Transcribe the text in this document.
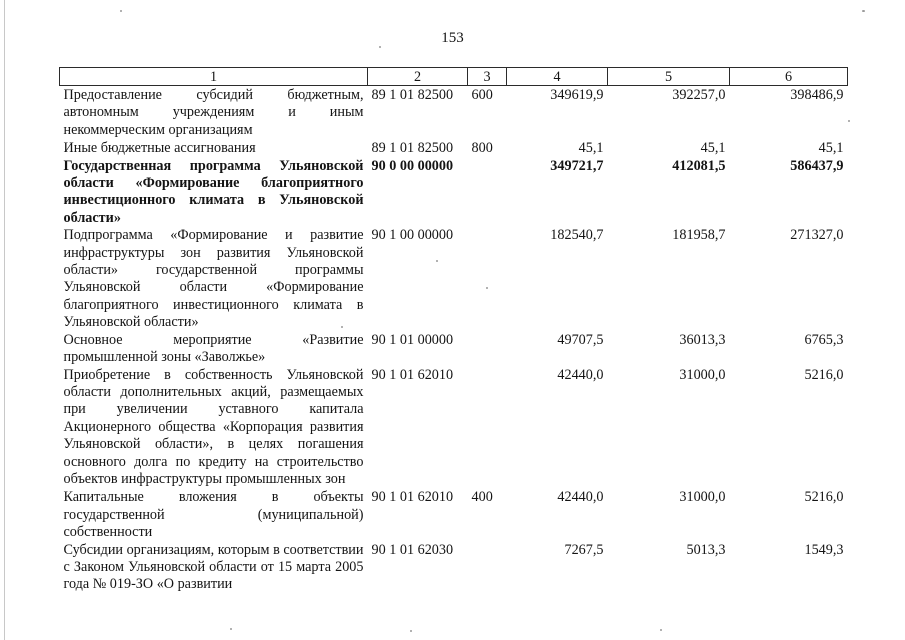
153
1	2	3	4	5	6
Предоставление субсидий бюджетным, автономным учреждениям и иным некоммерческим организациям	89 1 01 82500	600	349619,9	392257,0	398486,9
Иные бюджетные ассигнования	89 1 01 82500	800	45,1	45,1	45,1
Государственная программа Ульяновской области «Формирование благоприятного инвестиционного климата в Ульяновской области»	90 0 00 00000		349721,7	412081,5	586437,9
Подпрограмма «Формирование и развитие инфраструктуры зон развития Ульяновской области» государственной программы Ульяновской области «Формирование благоприятного инвестиционного климата в Ульяновской области»	90 1 00 00000		182540,7	181958,7	271327,0
Основное мероприятие «Развитие промышленной зоны «Заволжье»	90 1 01 00000		49707,5	36013,3	6765,3
Приобретение в собственность Ульяновской области дополнительных акций, размещаемых при увеличении уставного капитала Акционерного общества «Корпорация развития Ульяновской области», в целях погашения основного долга по кредиту на строительство объектов инфраструктуры промышленных зон	90 1 01 62010		42440,0	31000,0	5216,0
Капитальные вложения в объекты государственной (муниципальной) собственности	90 1 01 62010	400	42440,0	31000,0	5216,0
Субсидии организациям, которым в соответствии с Законом Ульяновской области от 15 марта 2005 года № 019-ЗО «О развитии	90 1 01 62030		7267,5	5013,3	1549,3
